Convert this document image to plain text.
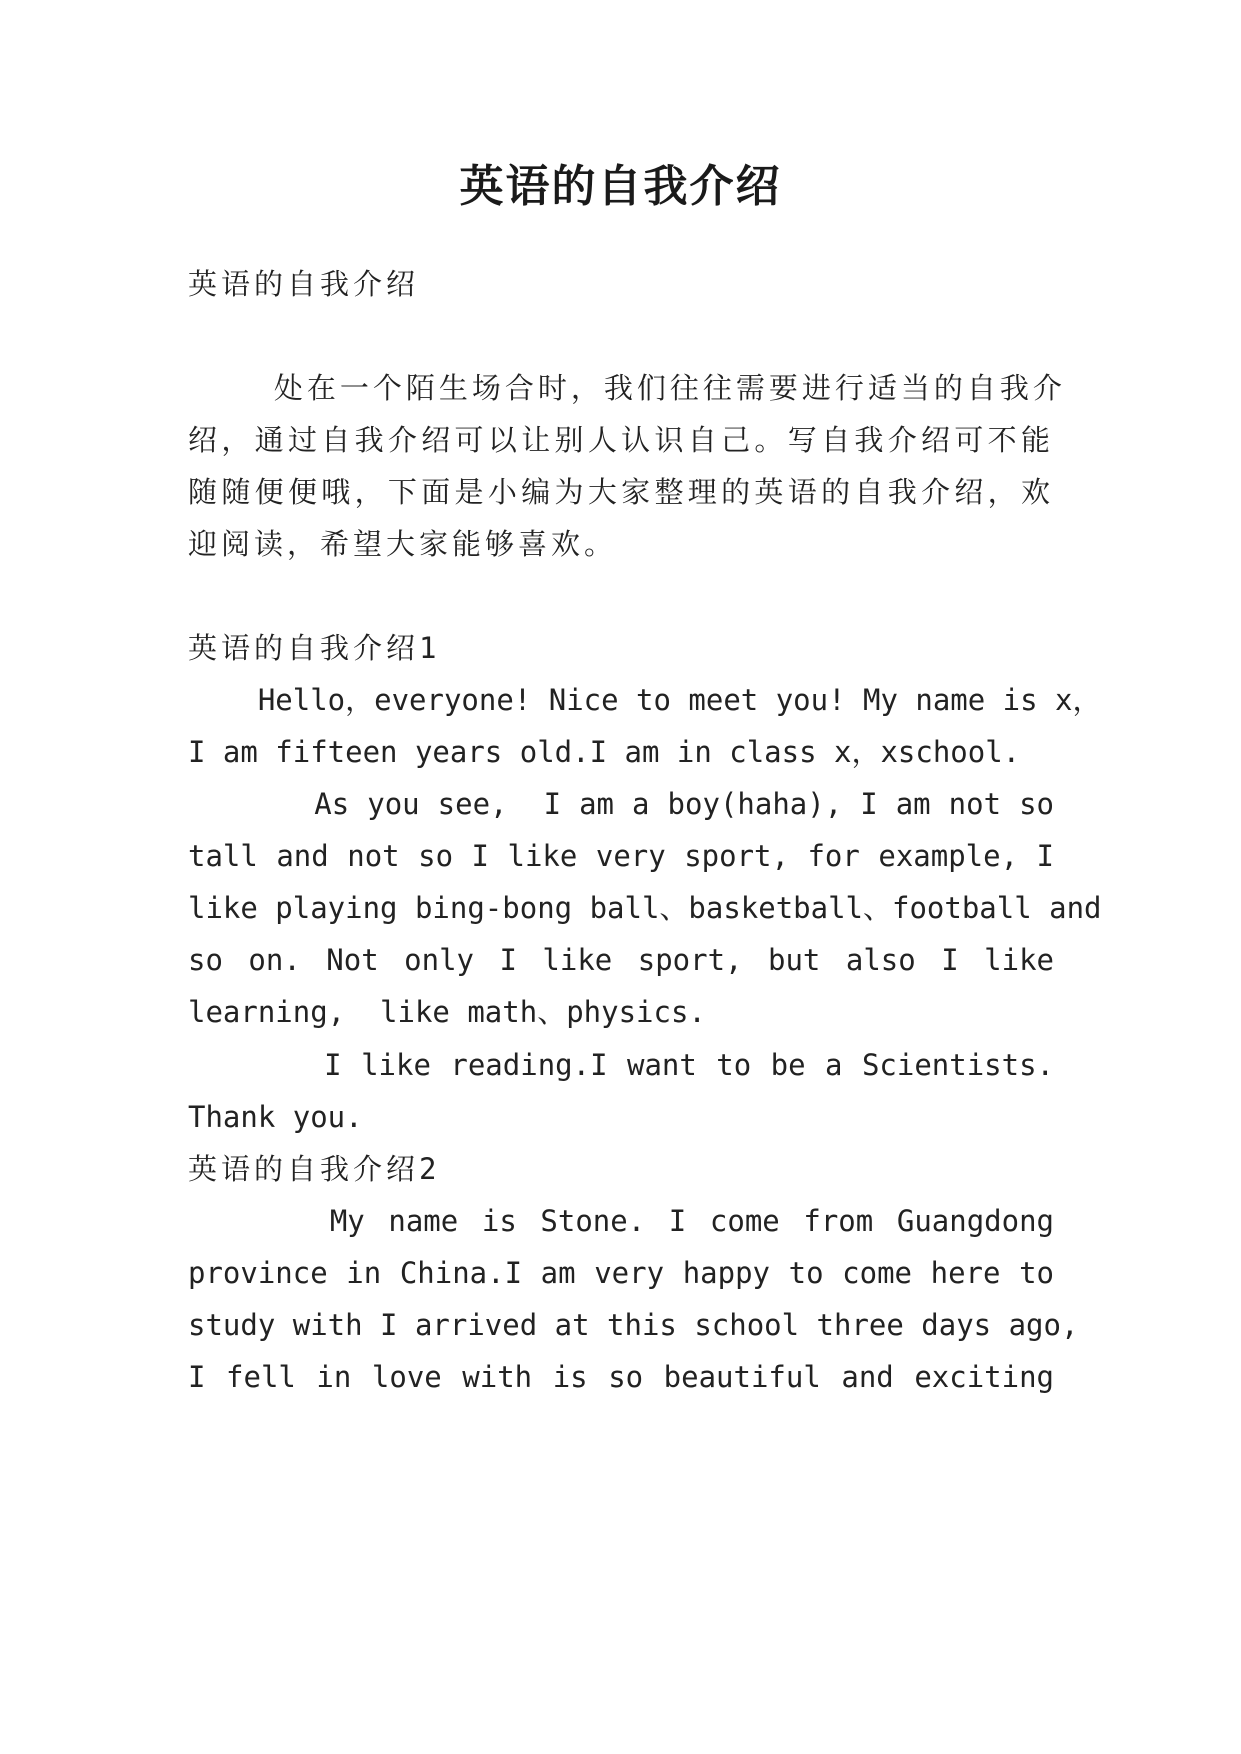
英语的自我介绍
英语的自我介绍
处在一个陌生场合时，我们往往需要进行适当的自我介
绍，通过自我介绍可以让别人认识自己。写自我介绍可不能
随随便便哦，下面是小编为大家整理的英语的自我介绍，欢
迎阅读，希望大家能够喜欢。
英语的自我介绍1
Hello，everyone! Nice to meet you! My name is x，
I am fifteen years old.I am in class x，xschool.
As you see,  I am a boy(haha), I am not so
tall and not so I like very sport, for example, I
like playing bing-bong ball、basketball、football and
so on. Not only I like sport, but also I like
learning,  like math、physics.
I like reading.I want to be a Scientists.
Thank you.
英语的自我介绍2
My name is Stone. I come from Guangdong
province in China.I am very happy to come here to
study with I arrived at this school three days ago,
I fell in love with is so beautiful and exciting
